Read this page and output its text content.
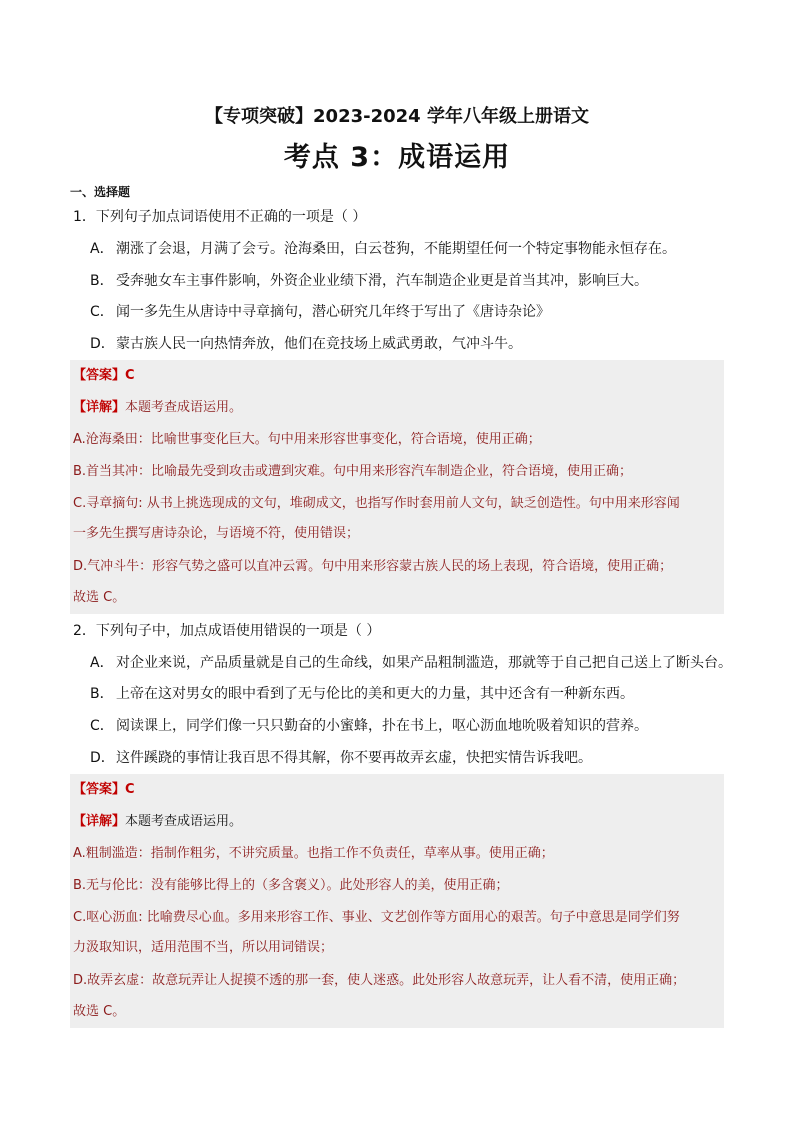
【专项突破】2023-2024 学年八年级上册语文
考点 3：成语运用
一、选择题
1．下列句子加点词语使用不正确的一项是（ ）
A． 潮涨了会退，月满了会亏。沧海桑田，白云苍狗，不能期望任何一个特定事物能永恒存在。
B． 受奔驰女车主事件影响，外资企业业绩下滑，汽车制造企业更是首当其冲，影响巨大。
C． 闻一多先生从唐诗中寻章摘句，潜心研究几年终于写出了《唐诗杂论》
D．蒙古族人民一向热情奔放，他们在竞技场上威武勇敢，气冲斗牛。
【答案】C
【详解】本题考查成语运用。
A.沧海桑田：比喻世事变化巨大。句中用来形容世事变化，符合语境，使用正确；
B.首当其冲：比喻最先受到攻击或遭到灾难。句中用来形容汽车制造企业，符合语境，使用正确；
C.寻章摘句: 从书上挑选现成的文句，堆砌成文，也指写作时套用前人文句，缺乏创造性。句中用来形容闻
一多先生撰写唐诗杂论，与语境不符，使用错误；
D.气冲斗牛：形容气势之盛可以直冲云霄。句中用来形容蒙古族人民的场上表现，符合语境，使用正确；
故选 C。
2．下列句子中，加点成语使用错误的一项是（ ）
A． 对企业来说，产品质量就是自己的生命线，如果产品粗制滥造，那就等于自己把自己送上了断头台。
B． 上帝在这对男女的眼中看到了无与伦比的美和更大的力量，其中还含有一种新东西。
C． 阅读课上，同学们像一只只勤奋的小蜜蜂，扑在书上，呕心沥血地吮吸着知识的营养。
D．这件蹊跷的事情让我百思不得其解，你不要再故弄玄虚，快把实情告诉我吧。
【答案】C
【详解】本题考查成语运用。
A.粗制滥造：指制作粗劣，不讲究质量。也指工作不负责任，草率从事。使用正确；
B.无与伦比：没有能够比得上的（多含褒义）。此处形容人的美，使用正确；
C.呕心沥血: 比喻费尽心血。多用来形容工作、事业、文艺创作等方面用心的艰苦。句子中意思是同学们努
力汲取知识，适用范围不当，所以用词错误；
D.故弄玄虚：故意玩弄让人捉摸不透的那一套，使人迷惑。此处形容人故意玩弄，让人看不清，使用正确；
故选 C。
